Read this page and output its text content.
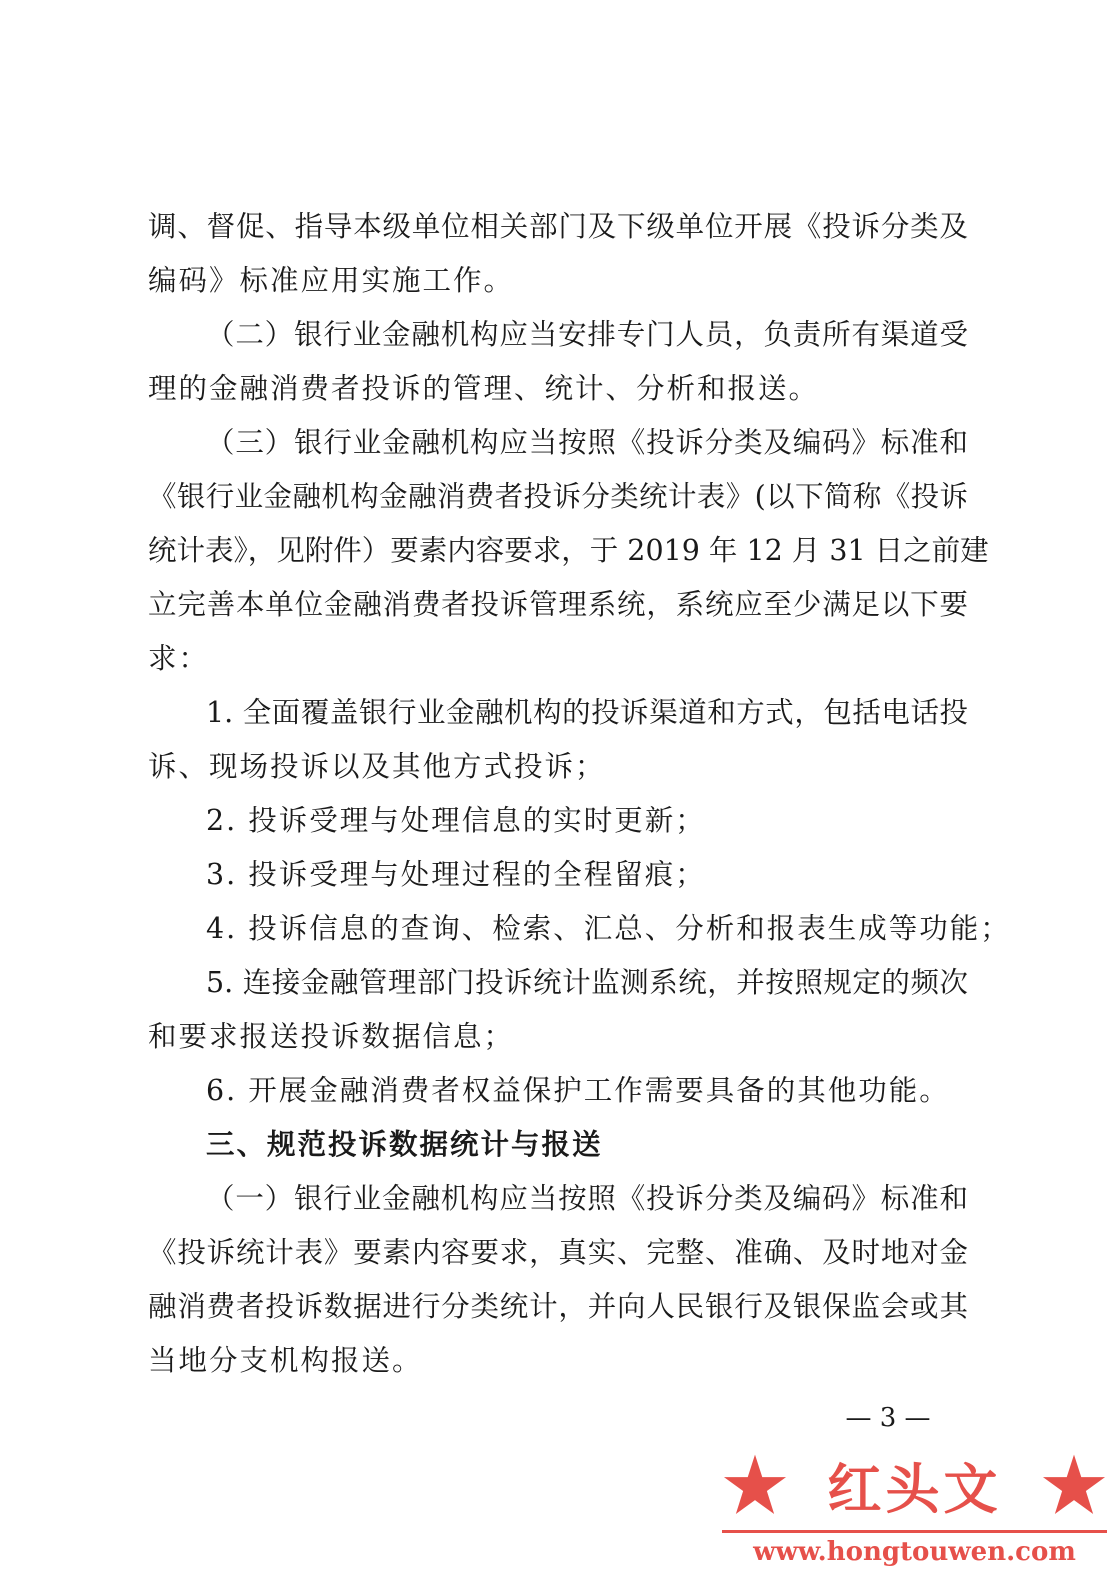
调、督促、指导本级单位相关部门及下级单位开展《投诉分类及
编码》标准应用实施工作。
（二）银行业金融机构应当安排专门人员，负责所有渠道受
理的金融消费者投诉的管理、统计、分析和报送。
（三）银行业金融机构应当按照《投诉分类及编码》标准和
《银行业金融机构金融消费者投诉分类统计表》(以下简称《投诉
统计表》，见附件）要素内容要求，于 2019 年 12 月 31 日之前建
立完善本单位金融消费者投诉管理系统，系统应至少满足以下要
求：
1. 全面覆盖银行业金融机构的投诉渠道和方式，包括电话投
诉、现场投诉以及其他方式投诉；
2. 投诉受理与处理信息的实时更新；
3. 投诉受理与处理过程的全程留痕；
4. 投诉信息的查询、检索、汇总、分析和报表生成等功能；
5. 连接金融管理部门投诉统计监测系统，并按照规定的频次
和要求报送投诉数据信息；
6. 开展金融消费者权益保护工作需要具备的其他功能。
三、规范投诉数据统计与报送
（一）银行业金融机构应当按照《投诉分类及编码》标准和
《投诉统计表》要素内容要求，真实、完整、准确、及时地对金
融消费者投诉数据进行分类统计，并向人民银行及银保监会或其
当地分支机构报送。
— 3 —
红头文
www.hongtouwen.com
